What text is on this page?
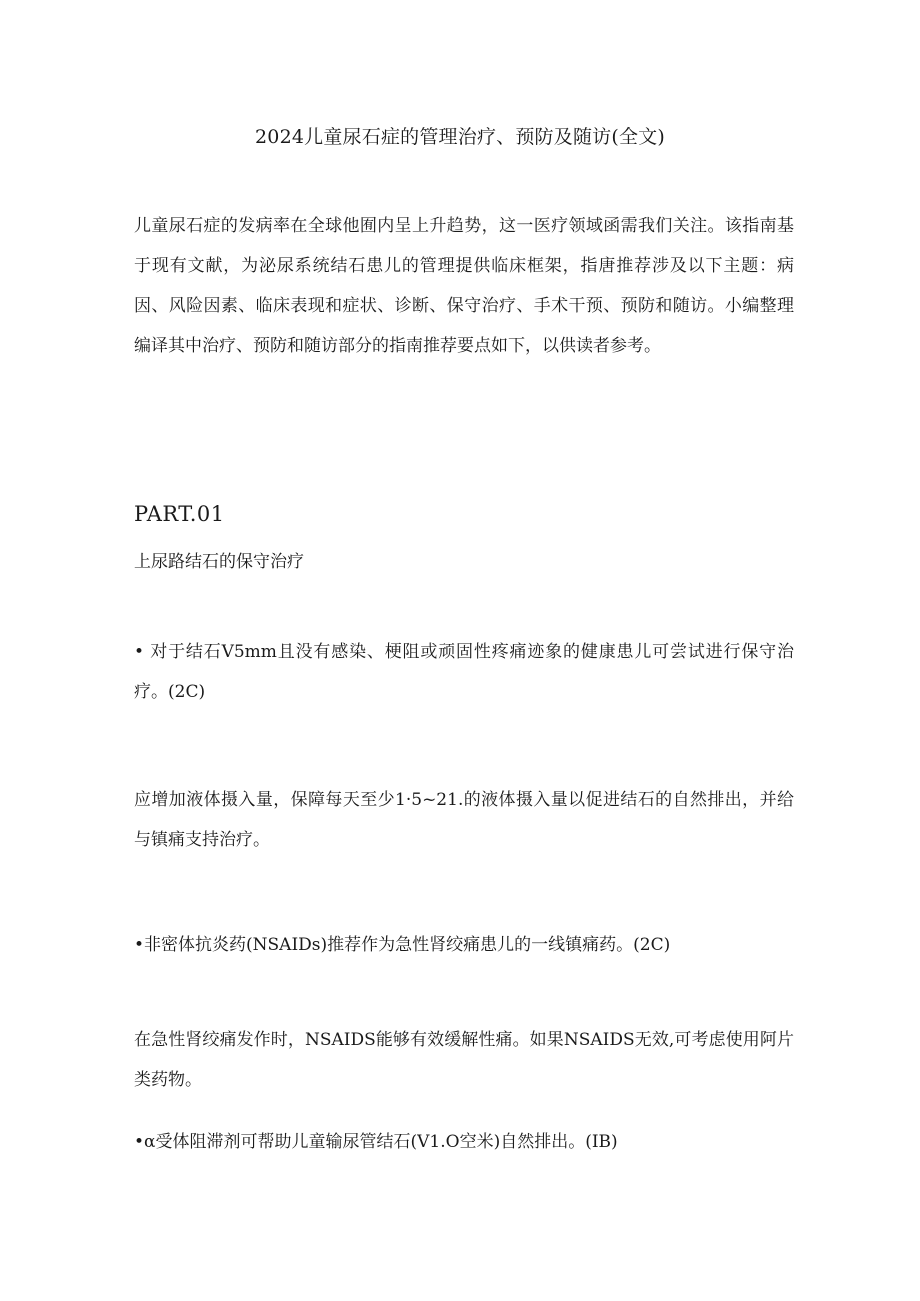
2024儿童尿石症的管理治疗、预防及随访(全文)

儿童尿石症的发病率在全球他囿内呈上升趋势，这一医疗领域函需我们关注。该指南基于现有文献，为泌尿系统结石患儿的管理提供临床框架，指唐推荐涉及以下主题：病因、风险因素、临床表现和症状、诊断、保守治疗、手术干预、预防和随访。小编整理编译其中治疗、预防和随访部分的指南推荐要点如下，以供读者参考。

PART.01
上尿路结石的保守治疗

• 对于结石V5mm且没有感染、梗阻或顽固性疼痛迹象的健康患儿可尝试进行保守治疗。(2C)

应增加液体摄入量，保障每天至少1·5~21.的液体摄入量以促进结石的自然排出，并给与镇痛支持治疗。

•非密体抗炎药(NSAIDs)推荐作为急性肾绞痛患儿的一线镇痛药。(2C)

在急性肾绞痛发作时，NSAIDS能够有效缓解性痛。如果NSAIDS无效,可考虑使用阿片类药物。

•α受体阻滞剂可帮助儿童输尿管结石(V1.O空米)自然排出。(IB)
